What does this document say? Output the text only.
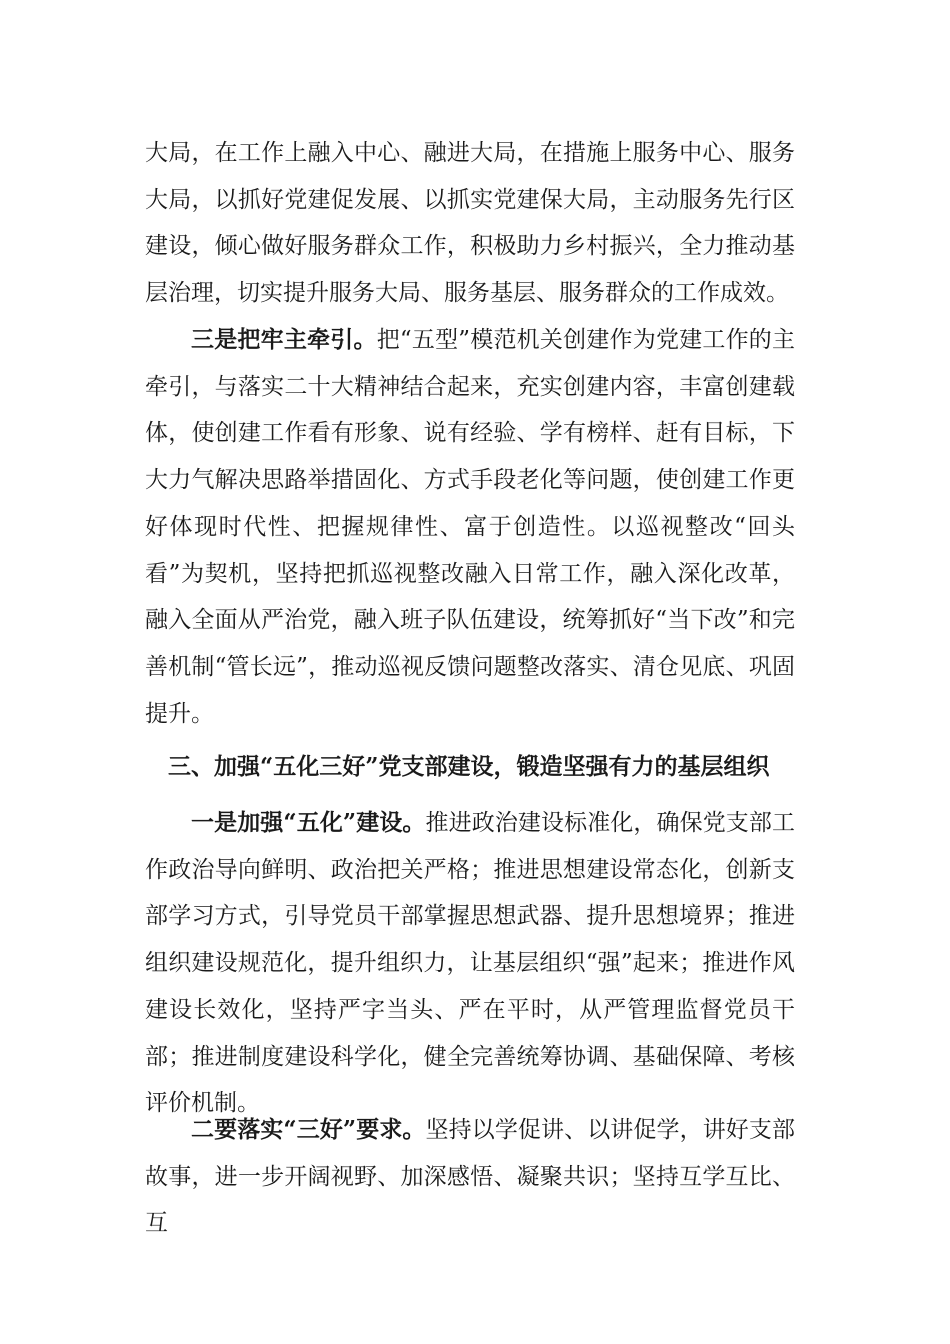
大局，在工作上融入中心、融进大局，在措施上服务中心、服务大局，以抓好党建促发展、以抓实党建保大局，主动服务先行区建设，倾心做好服务群众工作，积极助力乡村振兴，全力推动基层治理，切实提升服务大局、服务基层、服务群众的工作成效。

三是把牢主牵引。把“五型”模范机关创建作为党建工作的主牵引，与落实二十大精神结合起来，充实创建内容，丰富创建载体，使创建工作看有形象、说有经验、学有榜样、赶有目标，下大力气解决思路举措固化、方式手段老化等问题，使创建工作更好体现时代性、把握规律性、富于创造性。以巡视整改“回头看”为契机，坚持把抓巡视整改融入日常工作，融入深化改革，融入全面从严治党，融入班子队伍建设，统筹抓好“当下改”和完善机制“管长远”，推动巡视反馈问题整改落实、清仓见底、巩固提升。

三、加强“五化三好”党支部建设，锻造坚强有力的基层组织

一是加强“五化”建设。推进政治建设标准化，确保党支部工作政治导向鲜明、政治把关严格；推进思想建设常态化，创新支部学习方式，引导党员干部掌握思想武器、提升思想境界；推进组织建设规范化，提升组织力，让基层组织“强”起来；推进作风建设长效化，坚持严字当头、严在平时，从严管理监督党员干部；推进制度建设科学化，健全完善统筹协调、基础保障、考核评价机制。

二要落实“三好”要求。坚持以学促讲、以讲促学，讲好支部故事，进一步开阔视野、加深感悟、凝聚共识；坚持互学互比、互
